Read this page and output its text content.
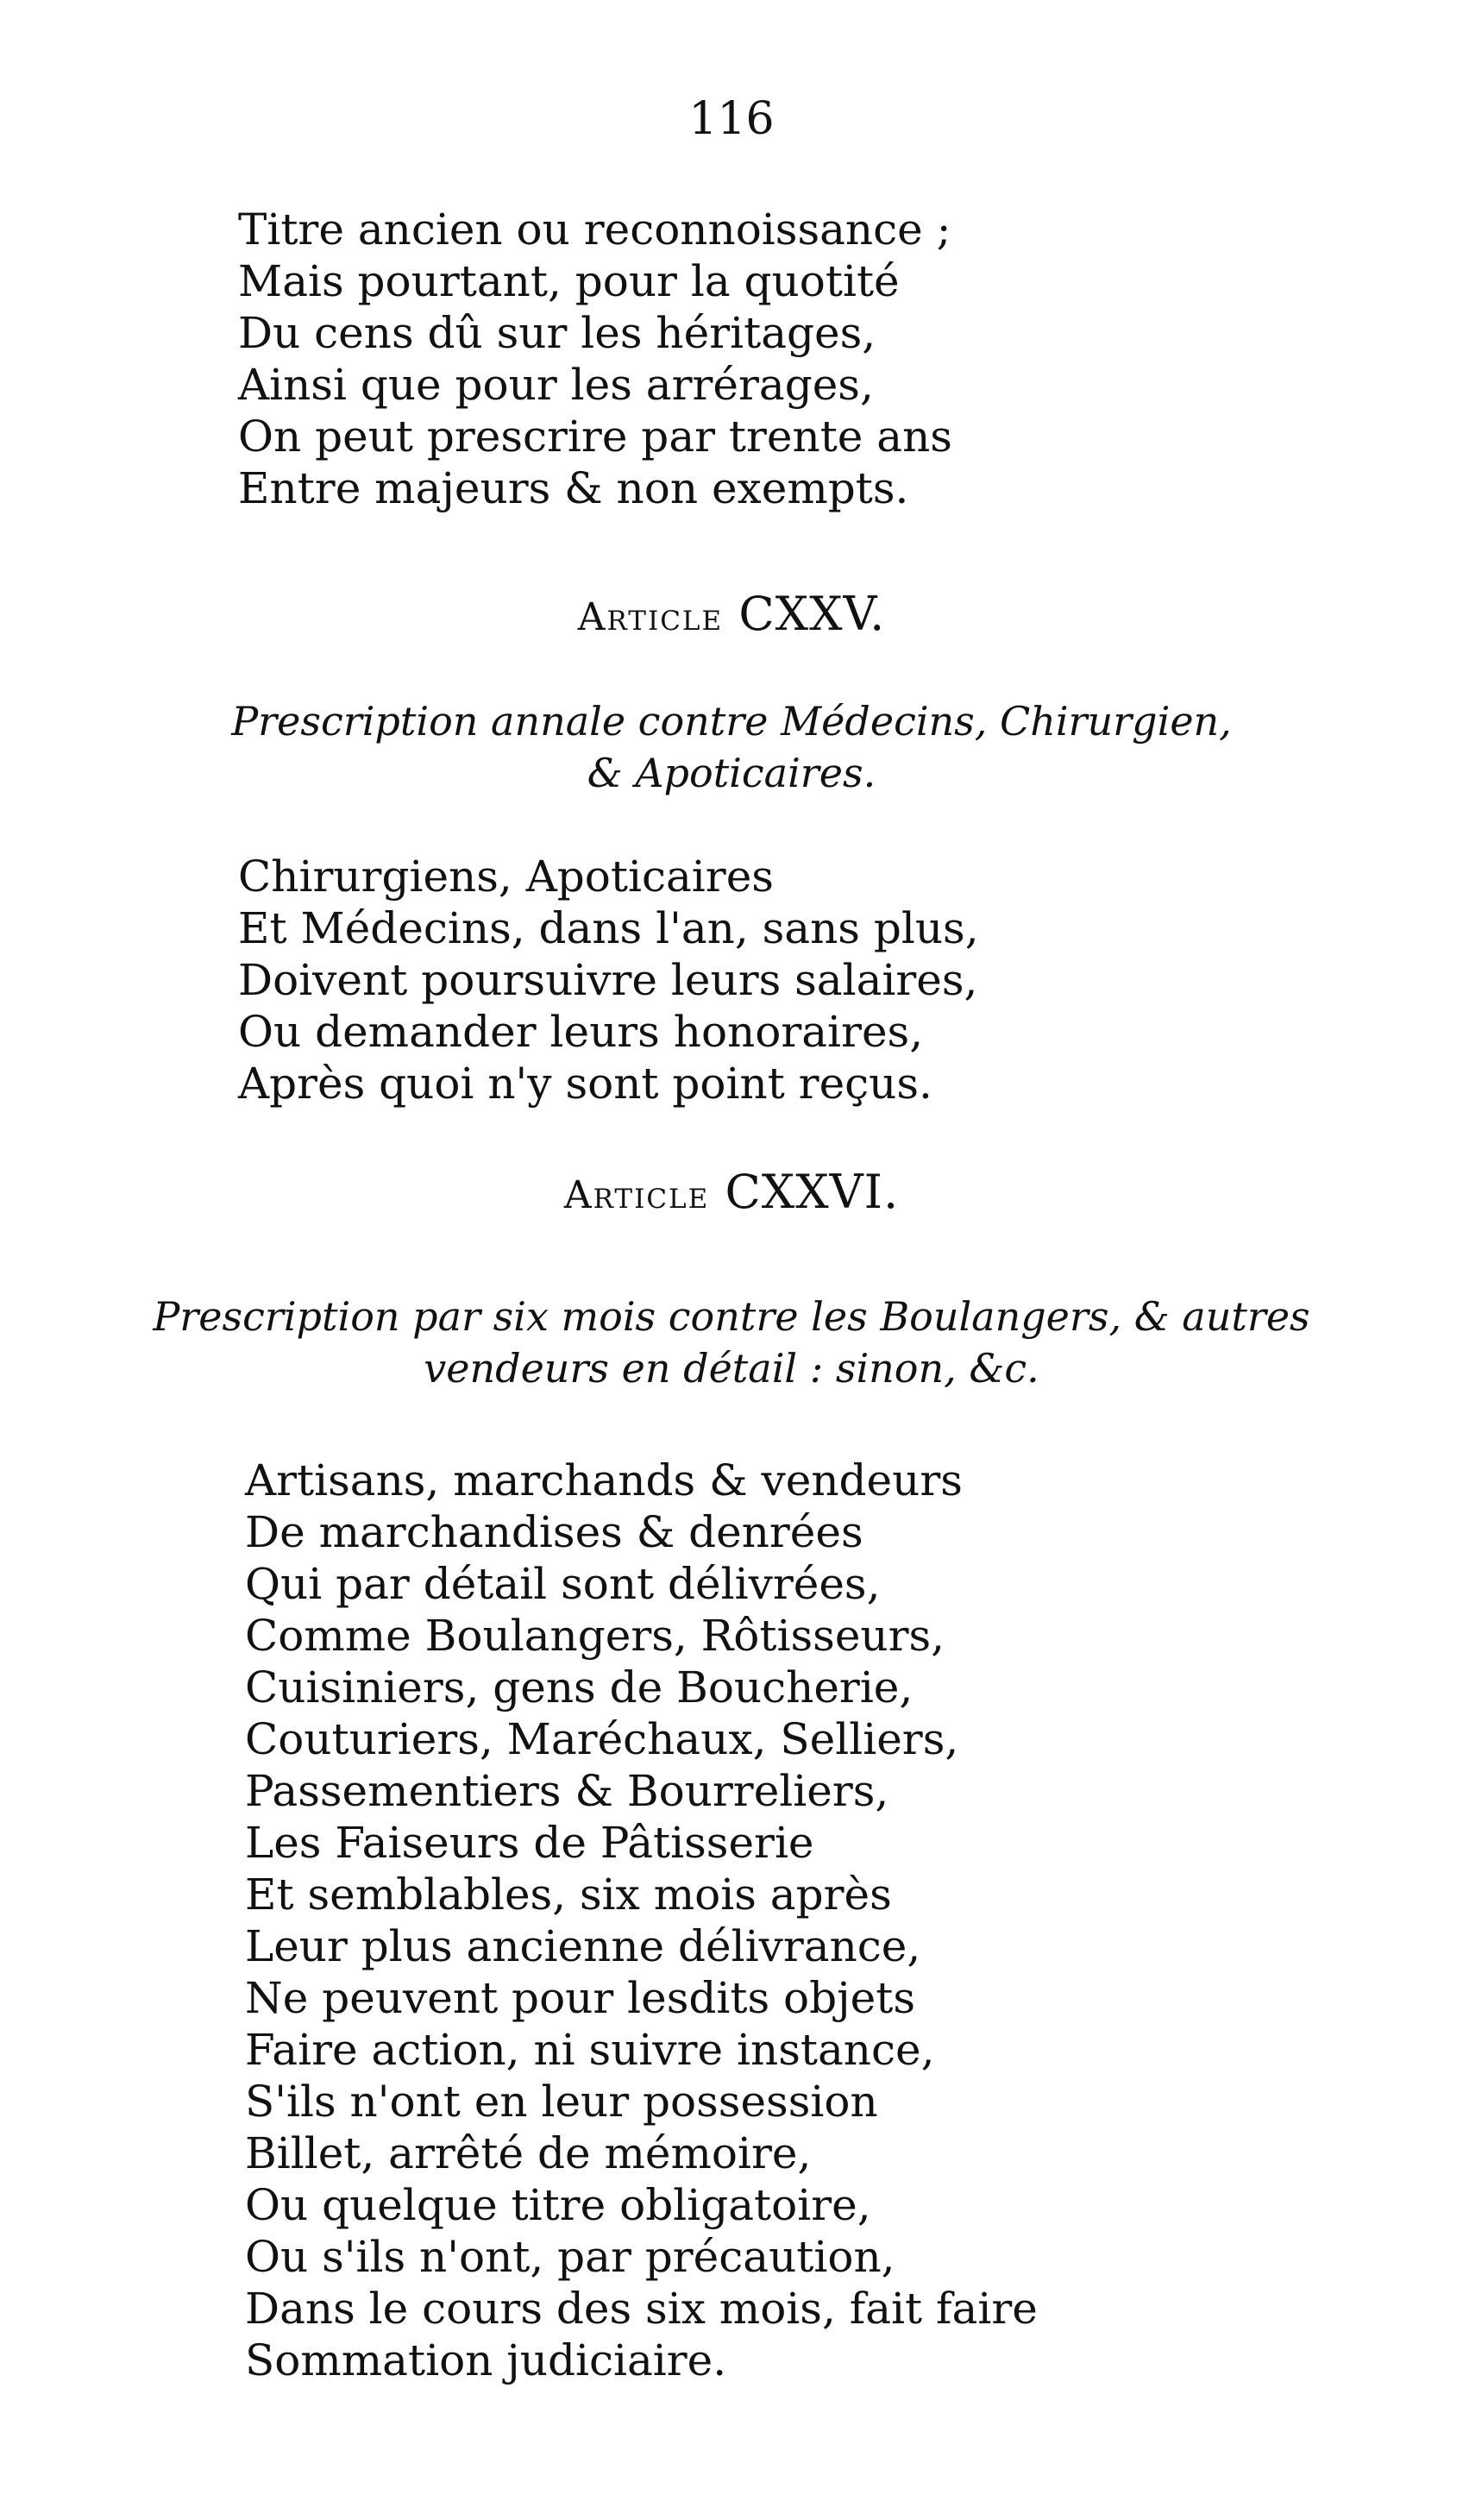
116
Titre ancien ou reconnoissance ;
Mais pourtant, pour la quotité
Du cens dû sur les héritages,
Ainsi que pour les arrérages,
On peut prescrire par trente ans
Entre majeurs & non exempts.
Article CXXV.
Prescription annale contre Médecins, Chirurgien,
& Apoticaires.
Chirurgiens, Apoticaires
Et Médecins, dans l'an, sans plus,
Doivent poursuivre leurs salaires,
Ou demander leurs honoraires,
Après quoi n'y sont point reçus.
Article CXXVI.
Prescription par six mois contre les Boulangers, & autres
vendeurs en détail : sinon, &c.
Artisans, marchands & vendeurs
De marchandises & denrées
Qui par détail sont délivrées,
Comme Boulangers, Rôtisseurs,
Cuisiniers, gens de Boucherie,
Couturiers, Maréchaux, Selliers,
Passementiers & Bourreliers,
Les Faiseurs de Pâtisserie
Et semblables, six mois après
Leur plus ancienne délivrance,
Ne peuvent pour lesdits objets
Faire action, ni suivre instance,
S'ils n'ont en leur possession
Billet, arrêté de mémoire,
Ou quelque titre obligatoire,
Ou s'ils n'ont, par précaution,
Dans le cours des six mois, fait faire
Sommation judiciaire.
